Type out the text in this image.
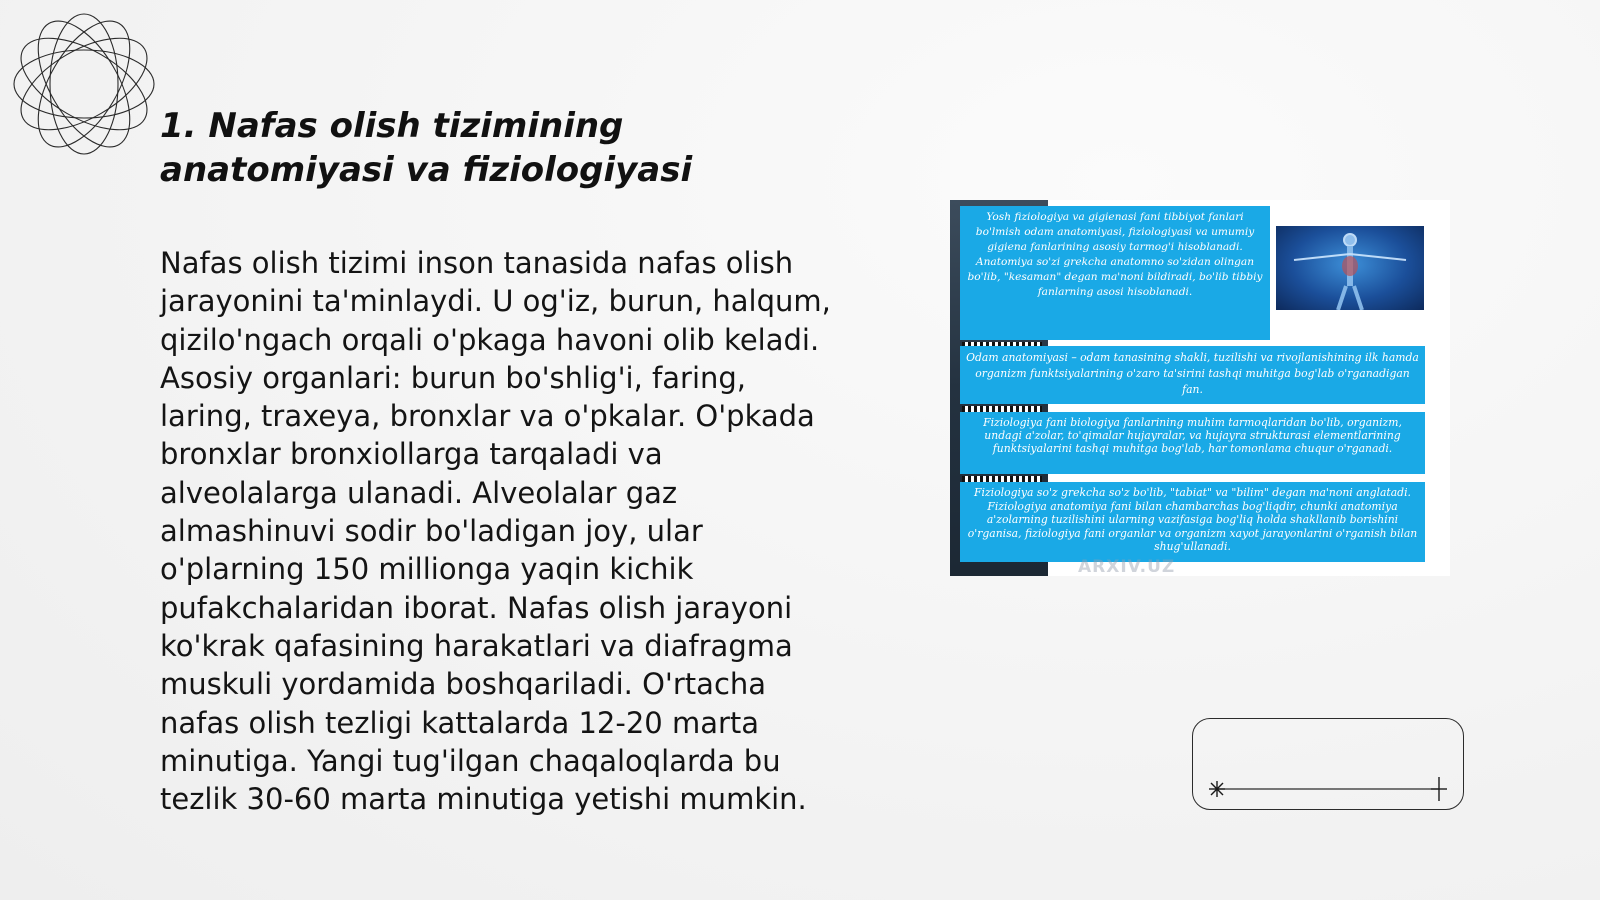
1. Nafas olish tizimining anatomiyasi va fiziologiyasi

Nafas olish tizimi inson tanasida nafas olish jarayonini ta'minlaydi. U og'iz, burun, halqum, qizilo'ngach orqali o'pkaga havoni olib keladi. Asosiy organlari: burun bo'shlig'i, faring, laring, traxeya, bronxlar va o'pkalar. O'pkada bronxlar bronxiollarga tarqaladi va alveolalarga ulanadi. Alveolalar gaz almashinuvi sodir bo'ladigan joy, ular o'plarning 150 millionga yaqin kichik pufakchalaridan iborat. Nafas olish jarayoni ko'krak qafasining harakatlari va diafragma muskuli yordamida boshqariladi. O'rtacha nafas olish tezligi kattalarda 12-20 marta minutiga. Yangi tug'ilgan chaqaloqlarda bu tezlik 30-60 marta minutiga yetishi mumkin.

Yosh fiziologiya va gigienasi fani tibbiyot fanlari bo'lmish odam anatomiyasi, fiziologiyasi va umumiy gigiena fanlarining asosiy tarmog'i hisoblanadi. Anatomiya so'zi grekcha anatomno so'zidan olingan bo'lib, "kesaman" degan ma'noni bildiradi, bo'lib tibbiy fanlarning asosi hisoblanadi.
Odam anatomiyasi – odam tanasining shakli, tuzilishi va rivojlanishining ilk hamda organizm funktsiyalarining o'zaro ta'sirini tashqi muhitga bog'lab o'rganadigan fan.
Fiziologiya fani biologiya fanlarining muhim tarmoqlaridan bo'lib, organizm, undagi a'zolar, to'qimalar hujayralar, va hujayra strukturasi elementlarining funktsiyalarini tashqi muhitga bog'lab, har tomonlama chuqur o'rganadi.
Fiziologiya so'z grekcha so'z bo'lib, "tabiat" va "bilim" degan ma'noni anglatadi. Fiziologiya anatomiya fani bilan chambarchas bog'liqdir, chunki anatomiya a'zolarning tuzilishini ularning vazifasiga bog'liq holda shakllanib borishini o'rganisa, fiziologiya fani organlar va organizm xayot jarayonlarini o'rganish bilan shug'ullanadi.
ARXIV.UZ
